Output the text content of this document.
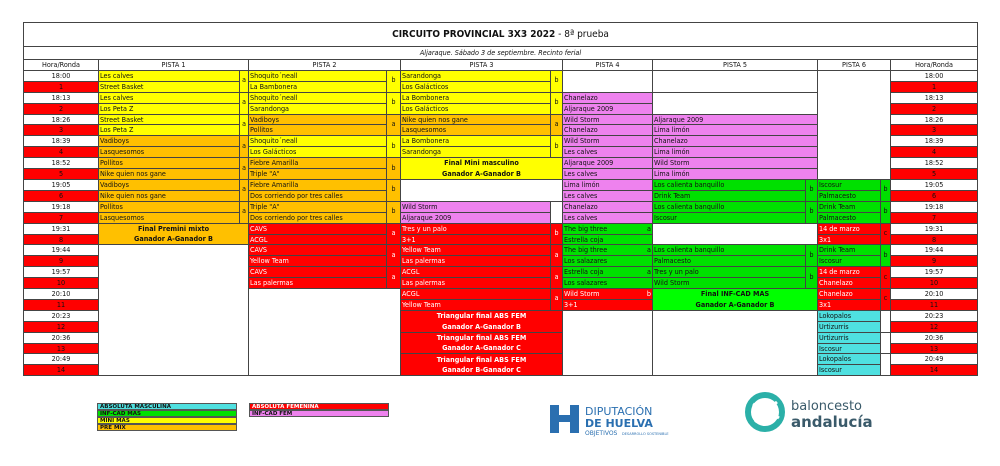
CIRCUITO PROVINCIAL 3X3 2022 - 8ª prueba												
Aljaraque. Sábado 3 de septiembre. Recinto ferial												
Hora/Ronda	PISTA 1		PISTA 2		PISTA 3		PISTA 4	PISTA 5		PISTA 6		Hora/Ronda
18:00	Les calves	a	Shoquito´neall	b	Sarandonga	b						18:00
1	Street Basket		La Bambonera		Los Galácticos							1
18:13	Les calves	a	Shoquito´neall	b	La Bombonera	b	Chanelazo					18:13
2	Los Peta Z		Sarandonga		Los Galácticos		Aljaraque 2009					2
18:26	Street Basket	a	Vadiboys	a	Nike quien nos gane	a	Wild Storm	Aljaraque 2009				18:26
3	Los Peta Z		Pollitos		Lasquesomos		Chanelazo	Lima limón				3
18:39	Vadiboys	a	Shoquito´neall	b	La Bombonera	b	Wild Storm	Chanelazo				18:39
4	Lasquesomos		Los Galácticos		Sarandonga		Les calves	Lima limón				4
18:52	Pollitos	a	Fiebre Amarilla	b	Final Mini masculino		Aljaraque 2009	Wild Storm				18:52
5	Nike quien nos gane		Triple "A"		Ganador A-Ganador B		Les calves	Lima limón				5
19:05	Vadiboys	a	Fiebre Amarilla	b			Lima limón	Los calienta banquillo	b	Iscosur	b	19:05
6	Nike quien nos gane		Dos corriendo por tres calles				Les calves	Drink Team		Palmacesto		6
19:18	Pollitos	a	Triple "A"	b	Wild Storm		Chanelazo	Los calienta banquillo	b	Drink Team	b	19:18
7	Lasquesomos		Dos corriendo por tres calles		Aljaraque 2009		Les calves	Iscosur		Palmacesto		7
19:31	Final Premini mixto		CAVS	a	Tres y un palo	b	The big three a			14 de marzo	c	19:31
8	Ganador A-Ganador B		ACGL		3+1		Estrella coja			3x1		8
19:44			CAVS	a	Yellow Team	a	The big three a	Los calienta banquillo	b	Drink Team	b	19:44
9			Yellow Team		Las palermas		Los salazares	Palmacesto		Iscosur		9
19:57			CAVS	a	ACGL	a	Estrella coja a	Tres y un palo	b	14 de marzo	c	19:57
10			Las palermas		Las palermas		Los salazares	Wild Storm		Chanelazo		10
20:10					ACGL	a	Wild Storm b	Final INF-CAD MAS		Chanelazo	c	20:10
11					Yellow Team		3+1	Ganador A-Ganador B		3x1		11
20:23					Triangular final ABS FEM					Lokopalos		20:23
12					Ganador A-Ganador B					Urtizurris		12
20:36					Triangular final ABS FEM					Urtizurris		20:36
13					Ganador A-Ganador C					Iscosur		13
20:49					Triangular final ABS FEM					Lokopalos		20:49
14					Ganador B-Ganador C					Iscosur		14
ABSOLUTA MASCULINA
INF-CAD MAS
MINI MAS
PRE MIX
ABSOLUTA FEMENINA
INF-CAD FEM	DIPUTACIÓN
DE HUELVA
OBJETIVOS DESARROLLO SOSTENIBLE
baloncesto
andalucía
